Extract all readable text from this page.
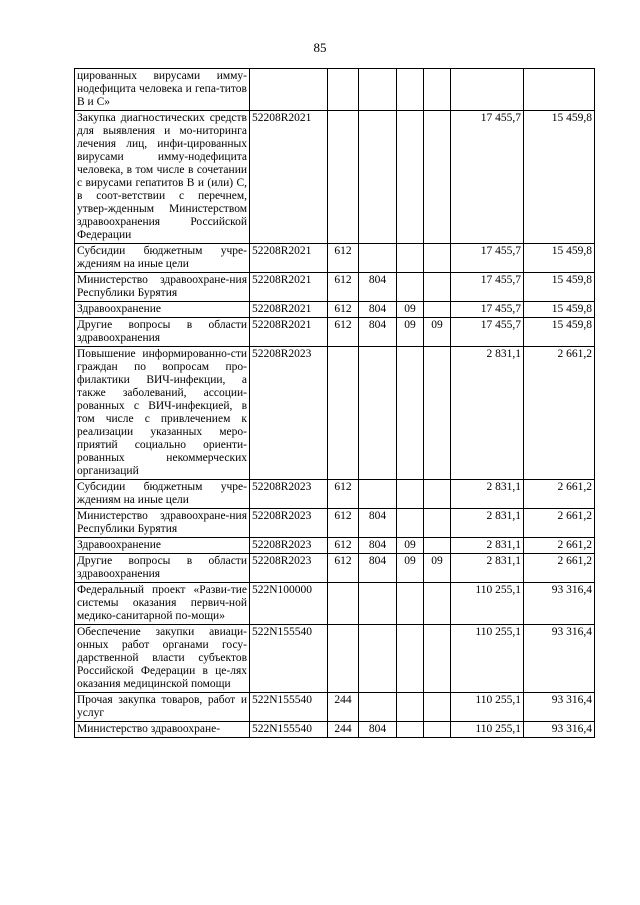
85
цированных вирусами имму-нодефицита человека и гепа-титов В и С»							
Закупка диагностических средств для выявления и мо-ниторинга лечения лиц, инфи-цированных вирусами имму-нодефицита человека, в том числе в сочетании с вирусами гепатитов В и (или) С, в соот-ветствии с перечнем, утвер-жденным Министерством здравоохранения Российской Федерации	52208R2021					17 455,7	15 459,8
Субсидии бюджетным учре-ждениям на иные цели	52208R2021	612				17 455,7	15 459,8
Министерство здравоохране-ния Республики Бурятия	52208R2021	612	804			17 455,7	15 459,8
Здравоохранение	52208R2021	612	804	09		17 455,7	15 459,8
Другие вопросы в области здравоохранения	52208R2021	612	804	09	09	17 455,7	15 459,8
Повышение информированно-сти граждан по вопросам про-филактики ВИЧ-инфекции, а также заболеваний, ассоции-рованных с ВИЧ-инфекцией, в том числе с привлечением к реализации указанных меро-приятий социально ориенти-рованных некоммерческих организаций	52208R2023					2 831,1	2 661,2
Субсидии бюджетным учре-ждениям на иные цели	52208R2023	612				2 831,1	2 661,2
Министерство здравоохране-ния Республики Бурятия	52208R2023	612	804			2 831,1	2 661,2
Здравоохранение	52208R2023	612	804	09		2 831,1	2 661,2
Другие вопросы в области здравоохранения	52208R2023	612	804	09	09	2 831,1	2 661,2
Федеральный проект «Разви-тие системы оказания первич-ной медико-санитарной по-мощи»	522N100000					110 255,1	93 316,4
Обеспечение закупки авиаци-онных работ органами госу-дарственной власти субъектов Российской Федерации в це-лях оказания медицинской помощи	522N155540					110 255,1	93 316,4
Прочая закупка товаров, работ и услуг	522N155540	244				110 255,1	93 316,4
Министерство здравоохране-	522N155540	244	804			110 255,1	93 316,4
